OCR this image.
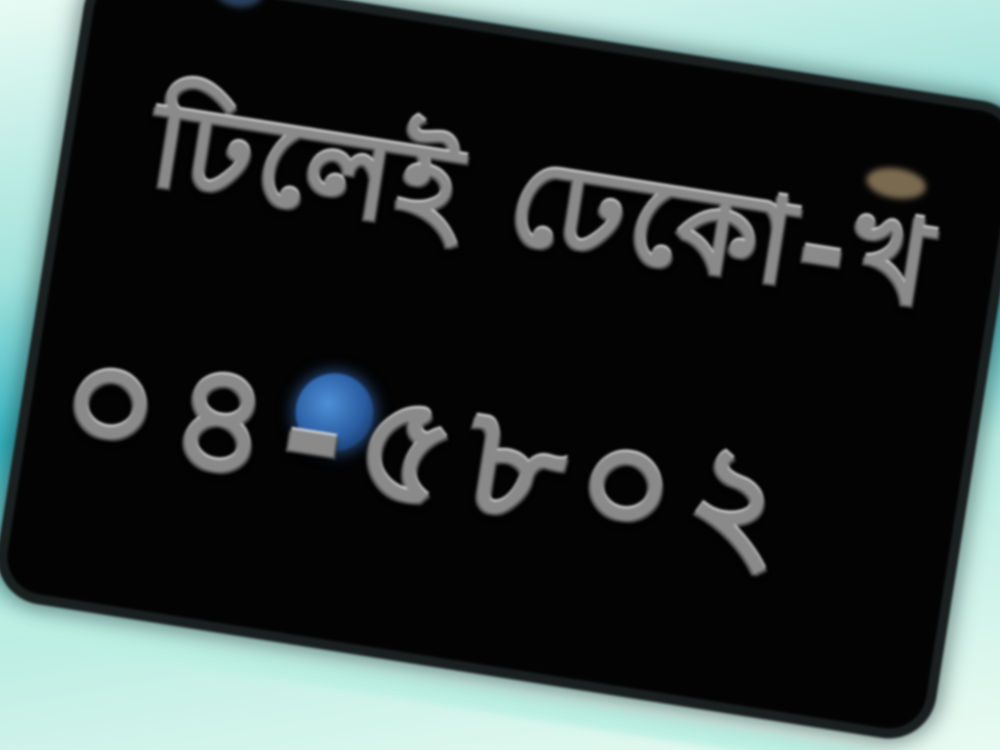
ঢিলেই ঢেকো-খ
০৪-৫৮০২
